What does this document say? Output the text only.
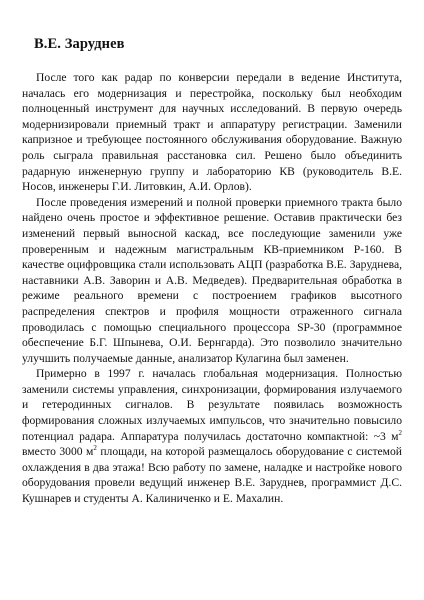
В.Е. Заруднев

После того как радар по конверсии передали в ведение Института, началась его модернизация и перестройка, поскольку был необходим полноценный инструмент для научных исследований. В первую очередь модернизировали приемный тракт и аппаратуру регистрации. Заменили капризное и требующее постоянного обслуживания оборудование. Важную роль сыграла правильная расстановка сил. Решено было объединить радарную инженерную группу и лабораторию КВ (руководитель В.Е. Носов, инженеры Г.И. Литовкин, А.И. Орлов).

После проведения измерений и полной проверки приемного тракта было найдено очень простое и эффективное решение. Оставив практически без изменений первый выносной каскад, все последующие заменили уже проверенным и надежным магистральным КВ-приемником Р-160. В качестве оцифровщика стали использовать АЦП (разработка В.Е. Заруднева, наставники А.В. Заворин и А.В. Медведев). Предварительная обработка в режиме реального времени с построением графиков высотного распределения спектров и профиля мощности отраженного сигнала проводилась с помощью специального процессора SP-30 (программное обеспечение Б.Г. Шпынева, О.И. Бернгарда). Это позволило значительно улучшить получаемые данные, анализатор Кулагина был заменен.

Примерно в 1997 г. началась глобальная модернизация. Полностью заменили системы управления, синхронизации, формирования излучаемого и гетеродинных сигналов. В результате появилась возможность формирования сложных излучаемых импульсов, что значительно повысило потенциал радара. Аппаратура получилась достаточно компактной: ~3 $м^2$ вместо 3000 $м^2$ площади, на которой размещалось оборудование с системой охлаждения в два этажа! Всю работу по замене, наладке и настройке нового оборудования провели ведущий инженер В.Е. Заруднев, программист Д.С. Кушнарев и студенты А. Калиниченко и Е. Махалин.
